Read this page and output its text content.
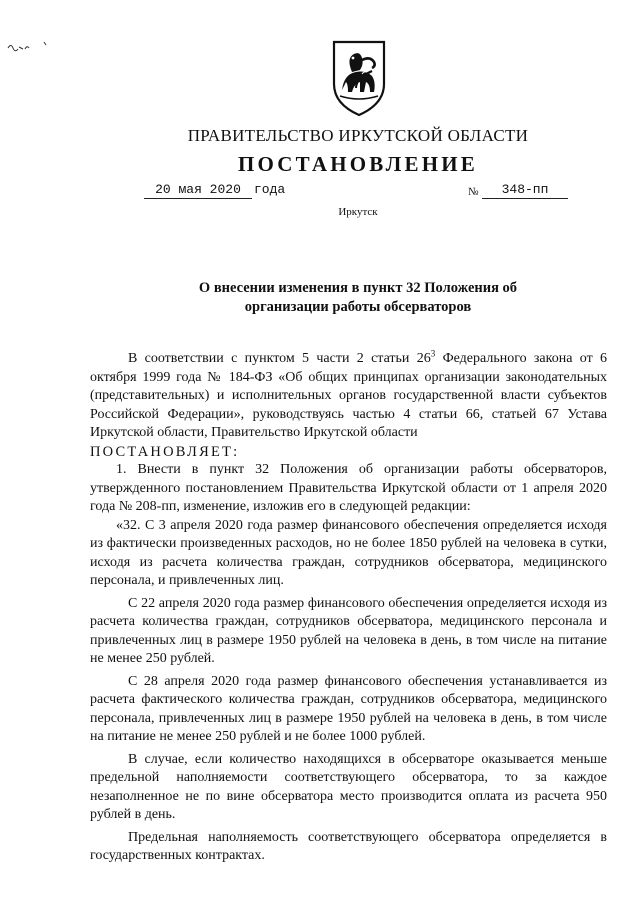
ПРАВИТЕЛЬСТВО ИРКУТСКОЙ ОБЛАСТИ
ПОСТАНОВЛЕНИЕ
20 мая 2020	года	№	348-пп
Иркутск
О внесении изменения в пункт 32 Положения об
организации работы обсерваторов

В соответствии с пунктом 5 части 2 статьи $26^3$ Федерального закона от 6 октября 1999 года № 184-ФЗ «Об общих принципах организации законодательных (представительных) и исполнительных органов государственной власти субъектов Российской Федерации», руководствуясь частью 4 статьи 66, статьей 67 Устава Иркутской области, Правительство Иркутской области

ПОСТАНОВЛЯЕТ:

1. Внести в пункт 32 Положения об организации работы обсерваторов, утвержденного постановлением Правительства Иркутской области от 1 апреля 2020 года № 208-пп, изменение, изложив его в следующей редакции:

«32. С 3 апреля 2020 года размер финансового обеспечения определяется исходя из фактически произведенных расходов, но не более 1850 рублей на человека в сутки, исходя из расчета количества граждан, сотрудников обсерватора, медицинского персонала, и привлеченных лиц.

С 22 апреля 2020 года размер финансового обеспечения определяется исходя из расчета количества граждан, сотрудников обсерватора, медицинского персонала и привлеченных лиц в размере 1950 рублей на человека в день, в том числе на питание не менее 250 рублей.

С 28 апреля 2020 года размер финансового обеспечения устанавливается из расчета фактического количества граждан, сотрудников обсерватора, медицинского персонала, привлеченных лиц в размере 1950 рублей на человека в день, в том числе на питание не менее 250 рублей и не более 1000 рублей.

В случае, если количество находящихся в обсерваторе оказывается меньше предельной наполняемости соответствующего обсерватора, то за каждое незаполненное не по вине обсерватора место производится оплата из расчета 950 рублей в день.

Предельная наполняемость соответствующего обсерватора определяется в государственных контрактах.
